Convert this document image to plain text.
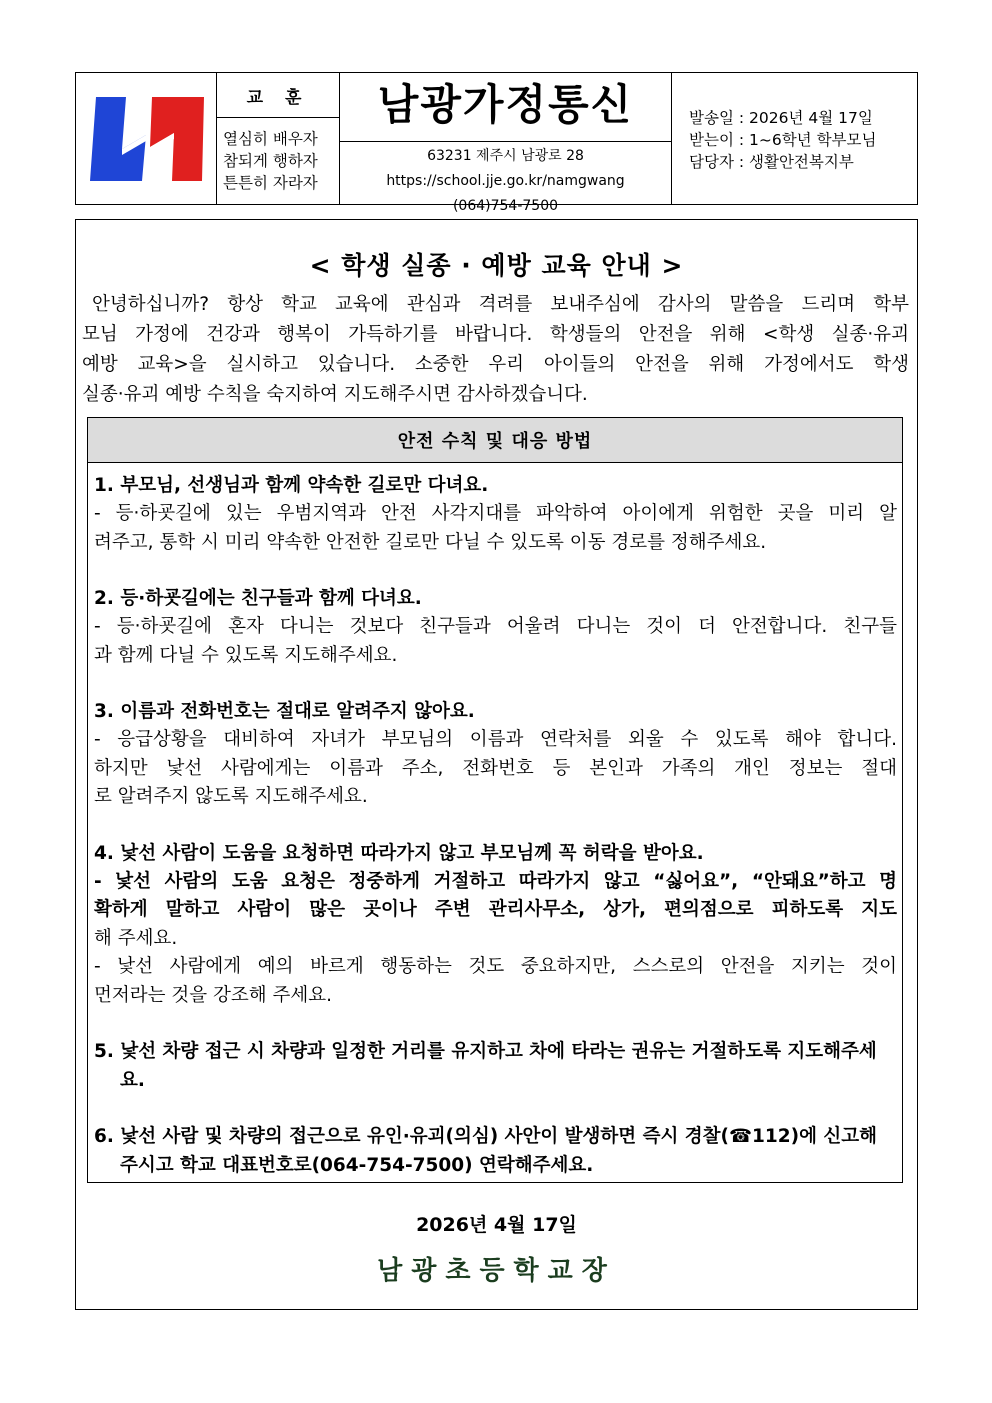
교 훈
열심히 배우자
참되게 행하자
튼튼히 자라자
남광가정통신
63231 제주시 남광로 28
https://school.jje.go.kr/namgwang
(064)754-7500
발송일 : 2026년 4월 17일
받는이 : 1~6학년 학부모님
담당자 : 생활안전복지부
< 학생 실종 · 예방 교육 안내 >
안녕하십니까? 항상 학교 교육에 관심과 격려를 보내주심에 감사의 말씀을 드리며 학부
모님 가정에 건강과 행복이 가득하기를 바랍니다. 학생들의 안전을 위해 <학생 실종·유괴
예방 교육>을 실시하고 있습니다. 소중한 우리 아이들의 안전을 위해 가정에서도 학생
실종·유괴 예방 수칙을 숙지하여 지도해주시면 감사하겠습니다.
안전 수칙 및 대응 방법
1. 부모님, 선생님과 함께 약속한 길로만 다녀요.
- 등·하굣길에 있는 우범지역과 안전 사각지대를 파악하여 아이에게 위험한 곳을 미리 알
려주고, 통학 시 미리 약속한 안전한 길로만 다닐 수 있도록 이동 경로를 정해주세요.
2. 등·하굣길에는 친구들과 함께 다녀요.
- 등·하굣길에 혼자 다니는 것보다 친구들과 어울려 다니는 것이 더 안전합니다. 친구들
과 함께 다닐 수 있도록 지도해주세요.
3. 이름과 전화번호는 절대로 알려주지 않아요.
- 응급상황을 대비하여 자녀가 부모님의 이름과 연락처를 외울 수 있도록 해야 합니다.
하지만 낯선 사람에게는 이름과 주소, 전화번호 등 본인과 가족의 개인 정보는 절대
로 알려주지 않도록 지도해주세요.
4. 낯선 사람이 도움을 요청하면 따라가지 않고 부모님께 꼭 허락을 받아요.
- 낯선 사람의 도움 요청은 정중하게 거절하고 따라가지 않고 “싫어요”, “안돼요”하고 명
확하게 말하고 사람이 많은 곳이나 주변 관리사무소, 상가, 편의점으로 피하도록 지도
해 주세요.
- 낯선 사람에게 예의 바르게 행동하는 것도 중요하지만, 스스로의 안전을 지키는 것이
먼저라는 것을 강조해 주세요.
5. 낯선 차량 접근 시 차량과 일정한 거리를 유지하고 차에 타라는 권유는 거절하도록 지도해주세요.
6. 낯선 사람 및 차량의 접근으로 유인·유괴(의심) 사안이 발생하면 즉시 경찰(☎112)에 신고해 주시고 학교 대표번호로(064-754-7500) 연락해주세요.
2026년 4월 17일
남광초등학교장
